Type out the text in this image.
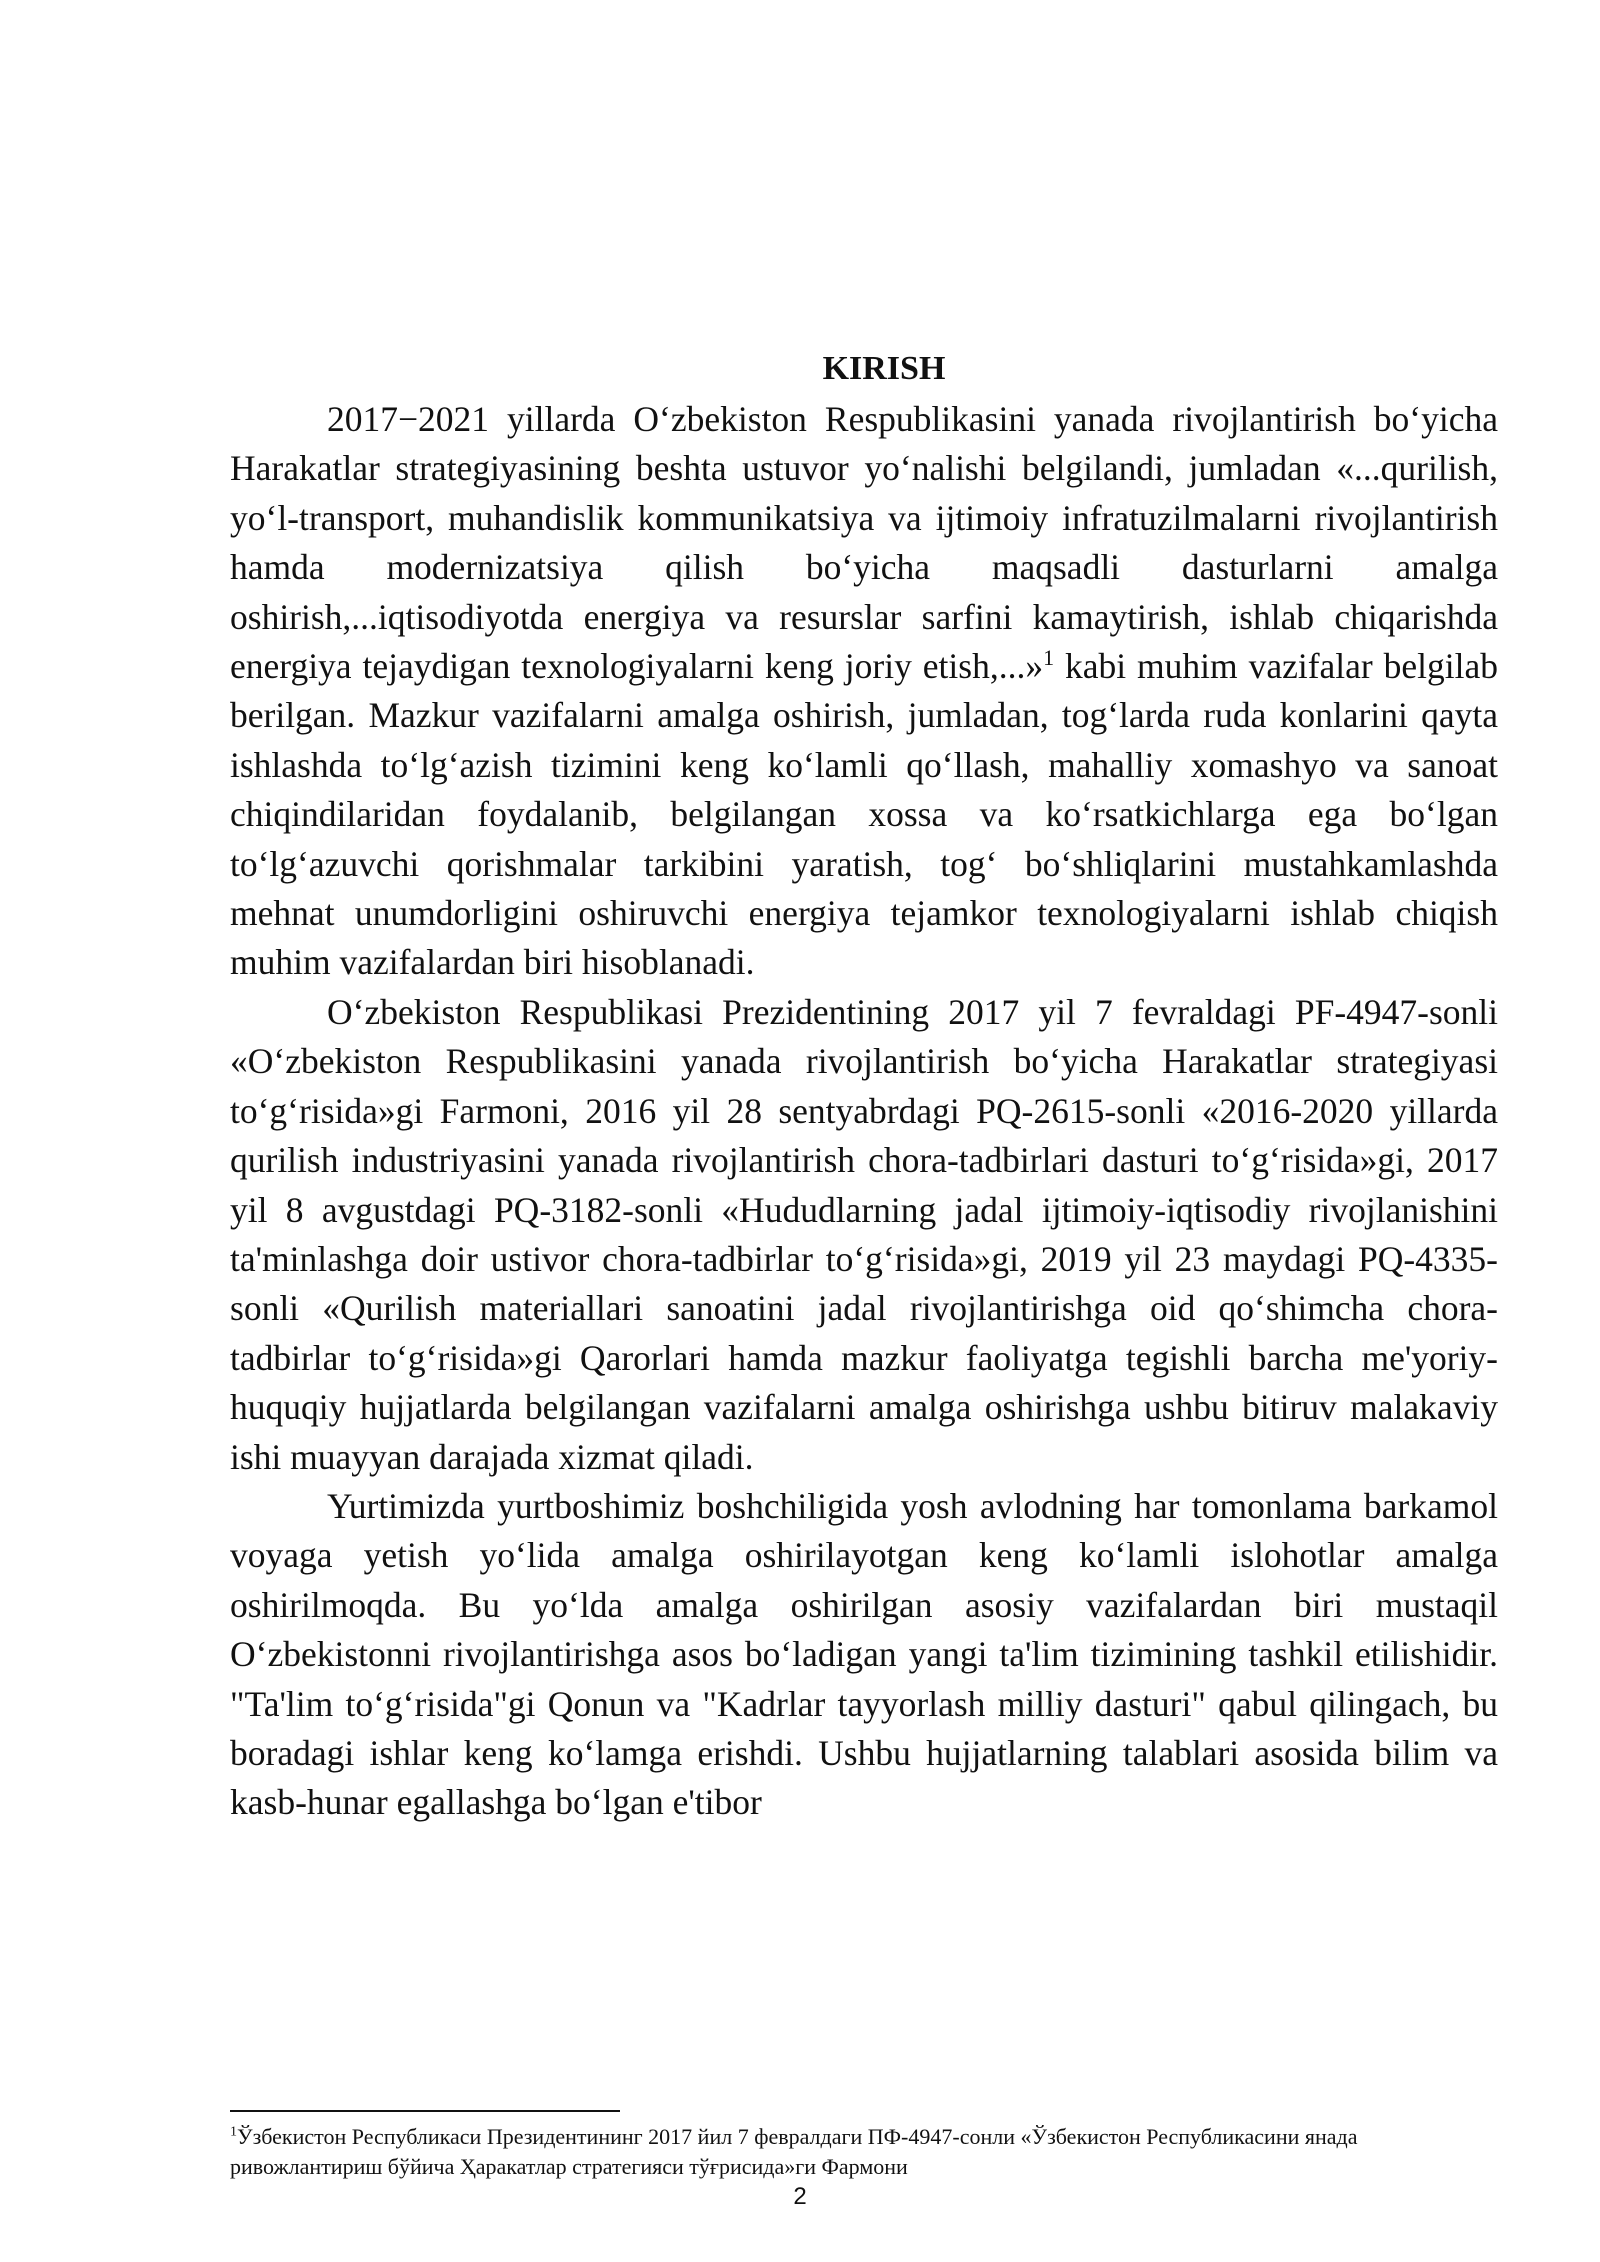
KIRISH

2017−2021 yillarda O‘zbekiston Respublikasini yanada rivojlantirish bo‘yicha Harakatlar strategiyasining beshta ustuvor yo‘nalishi belgilandi, jumladan «...qurilish, yo‘l-transport, muhandislik kommunikatsiya va ijtimoiy infratuzilmalarni rivojlantirish hamda modernizatsiya qilish bo‘yicha maqsadli dasturlarni amalga oshirish,...iqtisodiyotda energiya va resurslar sarfini kamaytirish, ishlab chiqarishda energiya tejaydigan texnologiyalarni keng joriy etish,...»$^1$ kabi muhim vazifalar belgilab berilgan. Mazkur vazifalarni amalga oshirish, jumladan, tog‘larda ruda konlarini qayta ishlashda to‘lg‘azish tizimini keng ko‘lamli qo‘llash, mahalliy xomashyo va sanoat chiqindilaridan foydalanib, belgilangan xossa va ko‘rsatkichlarga ega bo‘lgan to‘lg‘azuvchi qorishmalar tarkibini yaratish, tog‘ bo‘shliqlarini mustahkamlashda mehnat unumdorligini oshiruvchi energiya tejamkor texnologiyalarni ishlab chiqish muhim vazifalardan biri hisoblanadi.

O‘zbekiston Respublikasi Prezidentining 2017 yil 7 fevraldagi PF-4947-sonli «O‘zbekiston Respublikasini yanada rivojlantirish bo‘yicha Harakatlar strategiyasi to‘g‘risida»gi Farmoni, 2016 yil 28 sentyabrdagi PQ-2615-sonli «2016-2020 yillarda qurilish industriyasini yanada rivojlantirish chora-tadbirlari dasturi to‘g‘risida»gi, 2017 yil 8 avgustdagi PQ-3182-sonli «Hududlarning jadal ijtimoiy-iqtisodiy rivojlanishini ta'minlashga doir ustivor chora-tadbirlar to‘g‘risida»gi, 2019 yil 23 maydagi PQ-4335-sonli «Qurilish materiallari sanoatini jadal rivojlantirishga oid qo‘shimcha chora-tadbirlar to‘g‘risida»gi Qarorlari hamda mazkur faoliyatga tegishli barcha me'yoriy-huquqiy hujjatlarda belgilangan vazifalarni amalga oshirishga ushbu bitiruv malakaviy ishi muayyan darajada xizmat qiladi.

Yurtimizda yurtboshimiz boshchiligida yosh avlodning har tomonlama barkamol voyaga yetish yo‘lida amalga oshirilayotgan keng ko‘lamli islohotlar amalga oshirilmoqda. Bu yo‘lda amalga oshirilgan asosiy vazifalardan biri mustaqil O‘zbekistonni rivojlantirishga asos bo‘ladigan yangi ta'lim tizimining tashkil etilishidir. "Ta'lim to‘g‘risida"gi Qonun va "Kadrlar tayyorlash milliy dasturi" qabul qilingach, bu boradagi ishlar keng ko‘lamga erishdi. Ushbu hujjatlarning talablari asosida bilim va kasb-hunar egallashga bo‘lgan e'tibor

$^1$Ўзбекистон Республикаси Президентининг 2017 йил 7 февралдаги ПФ-4947-сонли «Ўзбекистон Республикасини янада ривожлантириш бўйича Ҳаракатлар стратегияси тўғрисида»ги Фармони

2
